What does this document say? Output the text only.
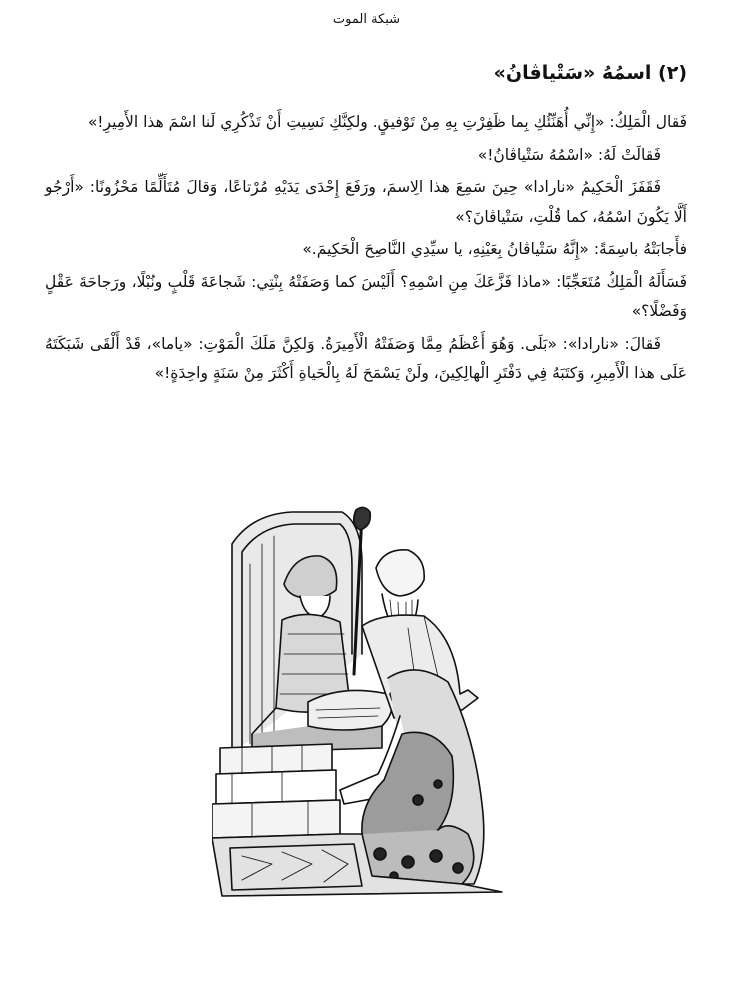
شبكة الموت
(٢) اسمُهُ «سَتْياڤانُ»

فَقال الْمَلِكُ: «إِنِّي أُهَنِّئُكِ بِما ظَفِرْتِ بِهِ مِنْ تَوْفيقٍ. ولكِنَّكِ نَسِيتِ أَنْ تَذْكُرِي لَنا اسْمَ هذا الأَمِيرِ!»

فَقالَتْ لَهُ: «اسْمُهُ سَتْياڤانُ!»

فَقَفَزَ الْحَكِيمُ «نارادا» حِينَ سَمِعَ هذا الِاسمَ، ورَفَعَ إِحْدَى يَدَيْهِ مُرْتاعًا، وَقالَ مُتَأَلِّمًا مَحْزُونًا: «أَرْجُو أَلَّا يَكُونَ اسْمُهُ، كما قُلْتِ، سَتْياڤانَ؟»

فأَجابَتْهُ باسِمَةً: «إِنَّهُ سَتْياڤانُ بِعَيْنِهِ، يا سيِّدِي النَّاصِحَ الْحَكِيمَ.»

فَسَأَلَهُ الْمَلِكُ مُتَعَجِّبًا: «ماذا فَزَّعَكَ مِنِ اسْمِهِ؟ أَلَيْسَ كما وَصَفَتْهُ بِنْتِي: شَجاعَةَ قَلْبٍ ونُبْلًا، ورَجاحَةَ عَقْلٍ وَفَضْلًا؟»

فَقالَ: «نارادا»: «بَلَى. وَهُوَ أَعْظَمُ مِمَّا وَصَفَتْهُ الْأَمِيرَةُ. وَلكِنَّ مَلَكَ الْمَوْتِ: «ياما»، قَدْ أَلْقَى شَبَكَتَهُ عَلَى هذا الْأَمِيرِ، وَكتَبَهُ فِي دَفْتَرِ الْهالِكِينَ، ولَنْ يَسْمَحَ لَهُ بِالْحَياةِ أَكْثَرَ مِنْ سَنَةٍ واحِدَةٍ!»
